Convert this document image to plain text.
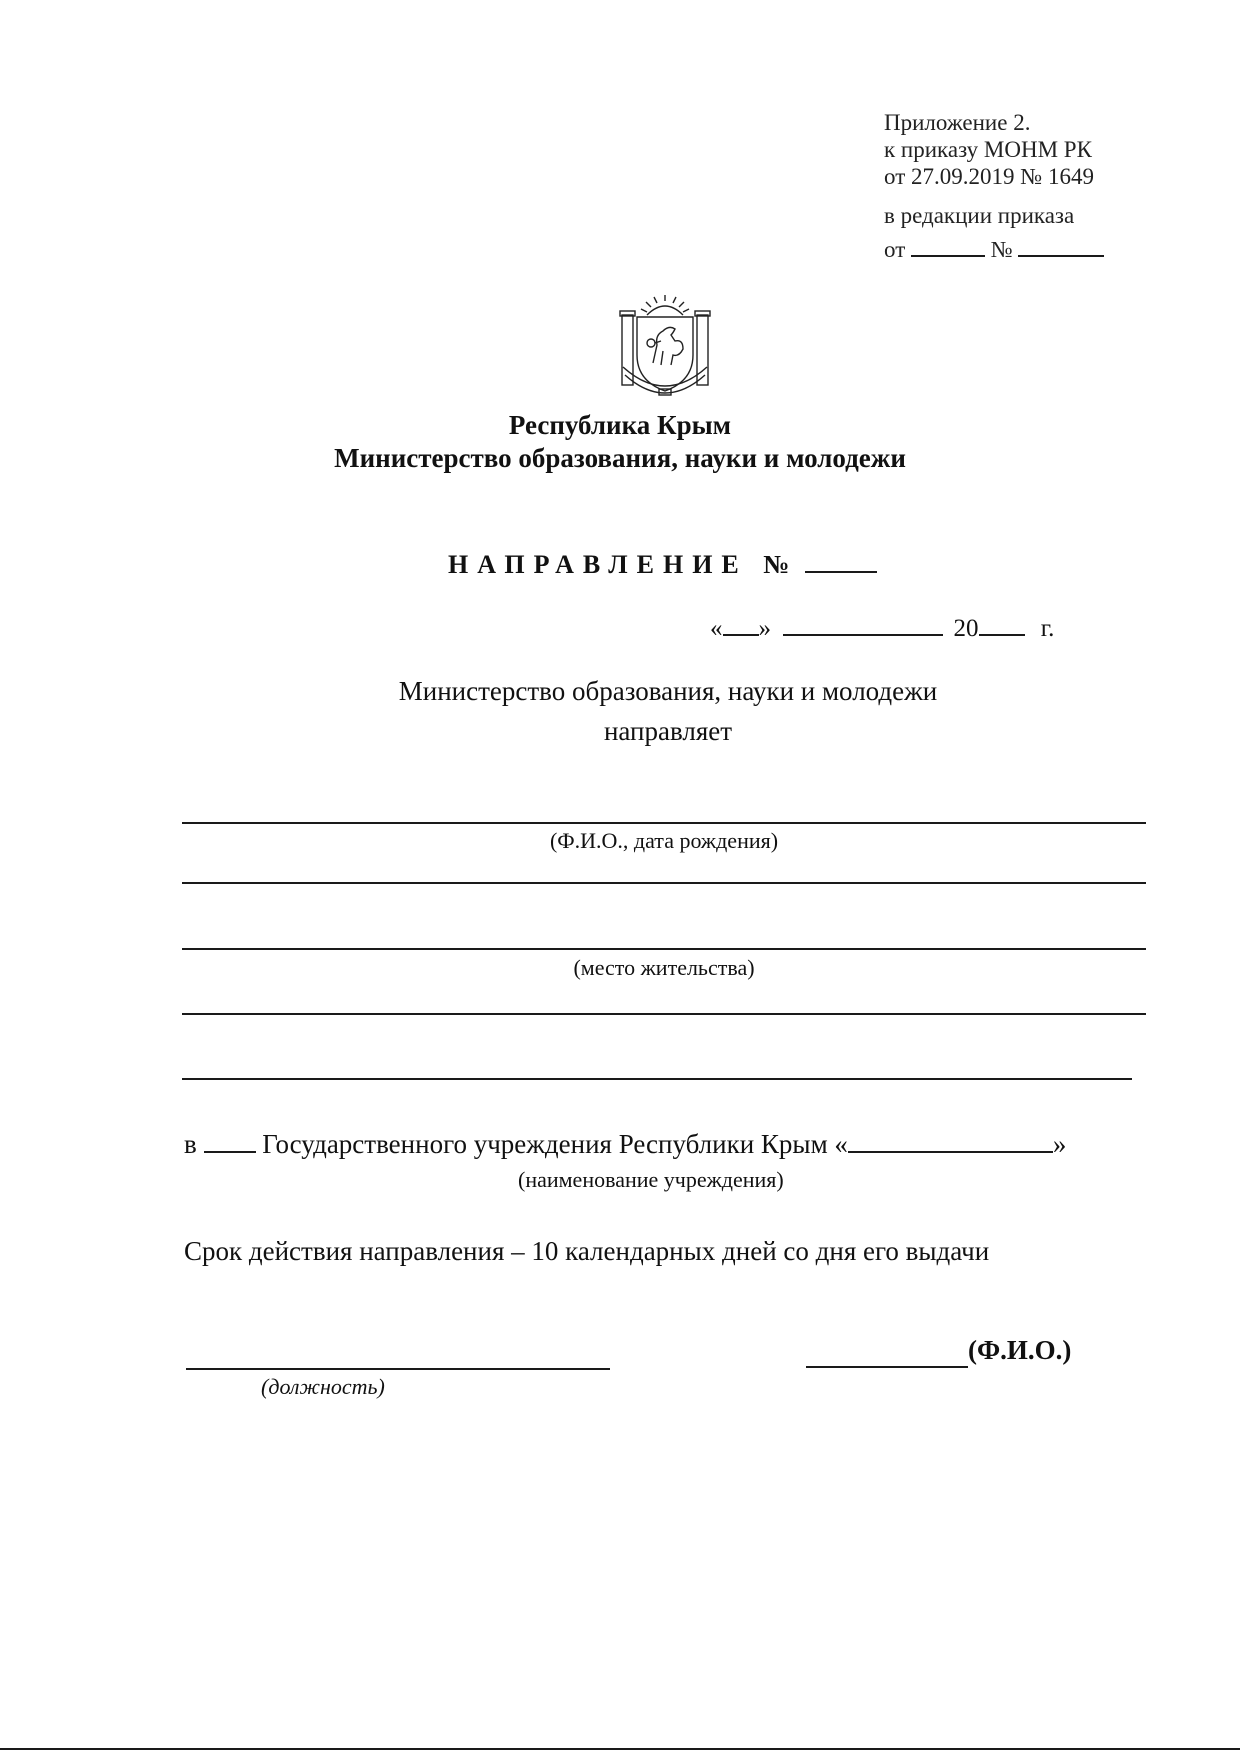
Приложение 2.
к приказу МОНМ РК
от 27.09.2019 № 1649
в редакции приказа
от	№
Республика Крым
Министерство образования, науки и молодежи
НАПРАВЛЕНИЕ №
« »	20 г.
Министерство образования, науки и молодежи
направляет
(Ф.И.О., дата рождения)
(место жительства)
в Государственного учреждения Республики Крым «	»
(наименование учреждения)
Срок действия направления – 10 календарных дней со дня его выдачи
(должность)
(Ф.И.О.)
